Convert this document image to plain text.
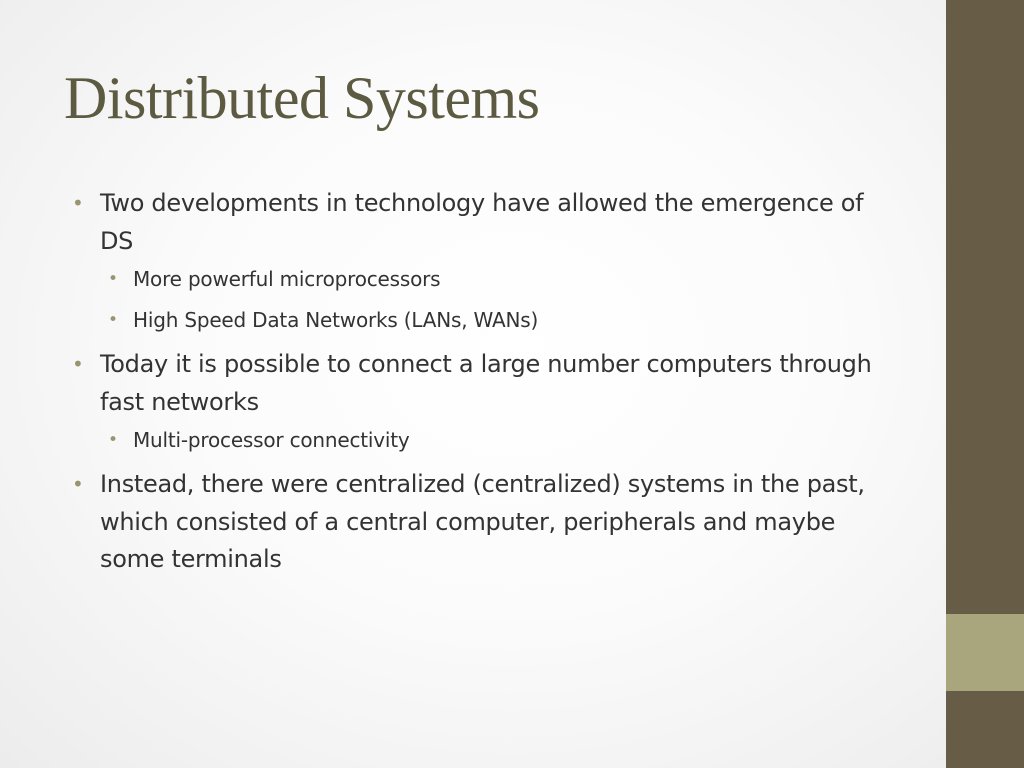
Distributed Systems
• Two developments in technology have allowed the emergence of DS
• More powerful microprocessors
• High Speed Data Networks (LANs, WANs)
• Today it is possible to connect a large number computers through fast networks
• Multi-processor connectivity
• Instead, there were centralized (centralized) systems in the past, which consisted of a central computer, peripherals and maybe some terminals
